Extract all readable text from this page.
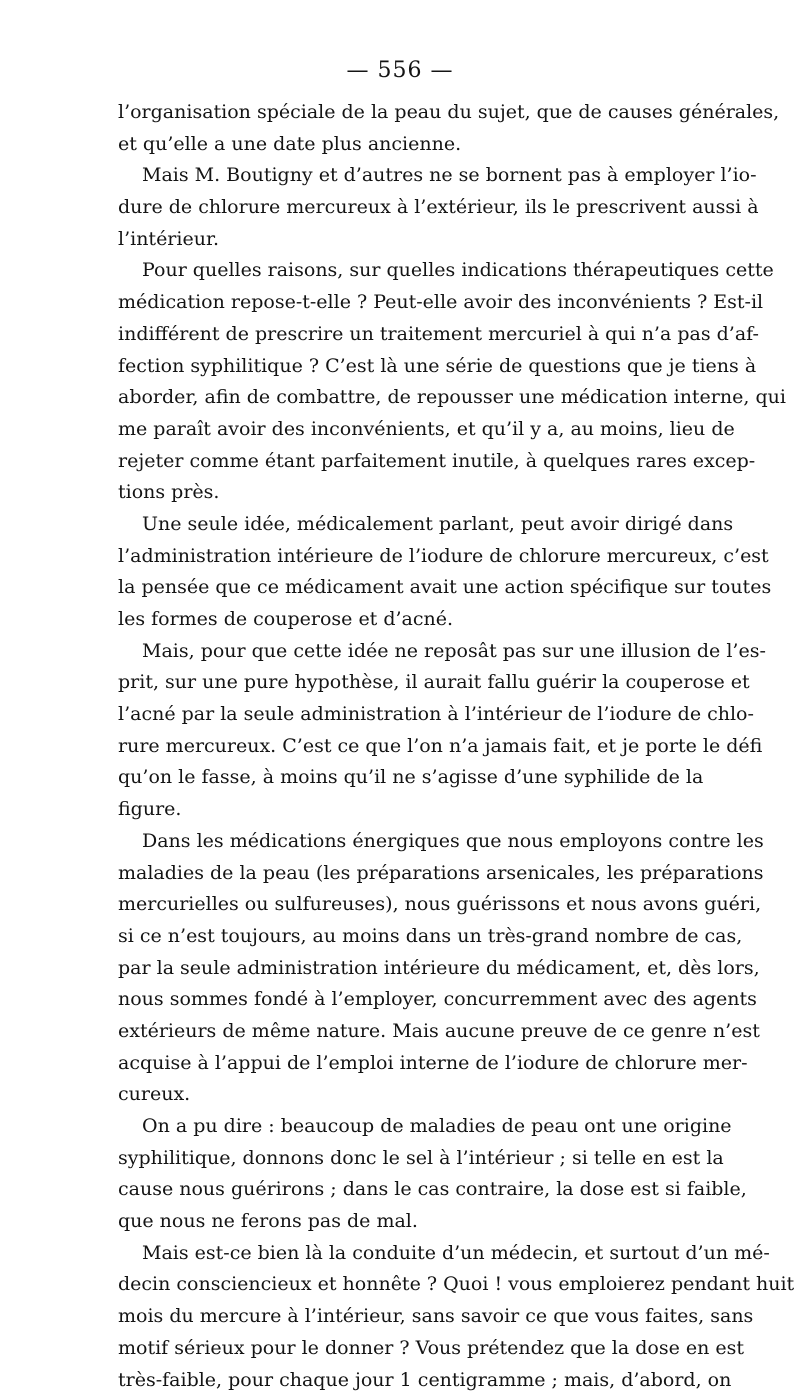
— 556 —
l’organisation spéciale de la peau du sujet, que de causes générales,
et qu’elle a une date plus ancienne.
Mais M. Boutigny et d’autres ne se bornent pas à employer l’io-
dure de chlorure mercureux à l’extérieur, ils le prescrivent aussi à
l’intérieur.
Pour quelles raisons, sur quelles indications thérapeutiques cette
médication repose-t-elle ? Peut-elle avoir des inconvénients ? Est-il
indifférent de prescrire un traitement mercuriel à qui n’a pas d’af-
fection syphilitique ? C’est là une série de questions que je tiens à
aborder, afin de combattre, de repousser une médication interne, qui
me paraît avoir des inconvénients, et qu’il y a, au moins, lieu de
rejeter comme étant parfaitement inutile, à quelques rares excep-
tions près.
Une seule idée, médicalement parlant, peut avoir dirigé dans
l’administration intérieure de l’iodure de chlorure mercureux, c’est
la pensée que ce médicament avait une action spécifique sur toutes
les formes de couperose et d’acné.
Mais, pour que cette idée ne reposât pas sur une illusion de l’es-
prit, sur une pure hypothèse, il aurait fallu guérir la couperose et
l’acné par la seule administration à l’intérieur de l’iodure de chlo-
rure mercureux. C’est ce que l’on n’a jamais fait, et je porte le défi
qu’on le fasse, à moins qu’il ne s’agisse d’une syphilide de la
figure.
Dans les médications énergiques que nous employons contre les
maladies de la peau (les préparations arsenicales, les préparations
mercurielles ou sulfureuses), nous guérissons et nous avons guéri,
si ce n’est toujours, au moins dans un très-grand nombre de cas,
par la seule administration intérieure du médicament, et, dès lors,
nous sommes fondé à l’employer, concurremment avec des agents
extérieurs de même nature. Mais aucune preuve de ce genre n’est
acquise à l’appui de l’emploi interne de l’iodure de chlorure mer-
cureux.
On a pu dire : beaucoup de maladies de peau ont une origine
syphilitique, donnons donc le sel à l’intérieur ; si telle en est la
cause nous guérirons ; dans le cas contraire, la dose est si faible,
que nous ne ferons pas de mal.
Mais est-ce bien là la conduite d’un médecin, et surtout d’un mé-
decin consciencieux et honnête ? Quoi ! vous emploierez pendant huit
mois du mercure à l’intérieur, sans savoir ce que vous faites, sans
motif sérieux pour le donner ? Vous prétendez que la dose en est
très-faible, pour chaque jour 1 centigramme ; mais, d’abord, on
